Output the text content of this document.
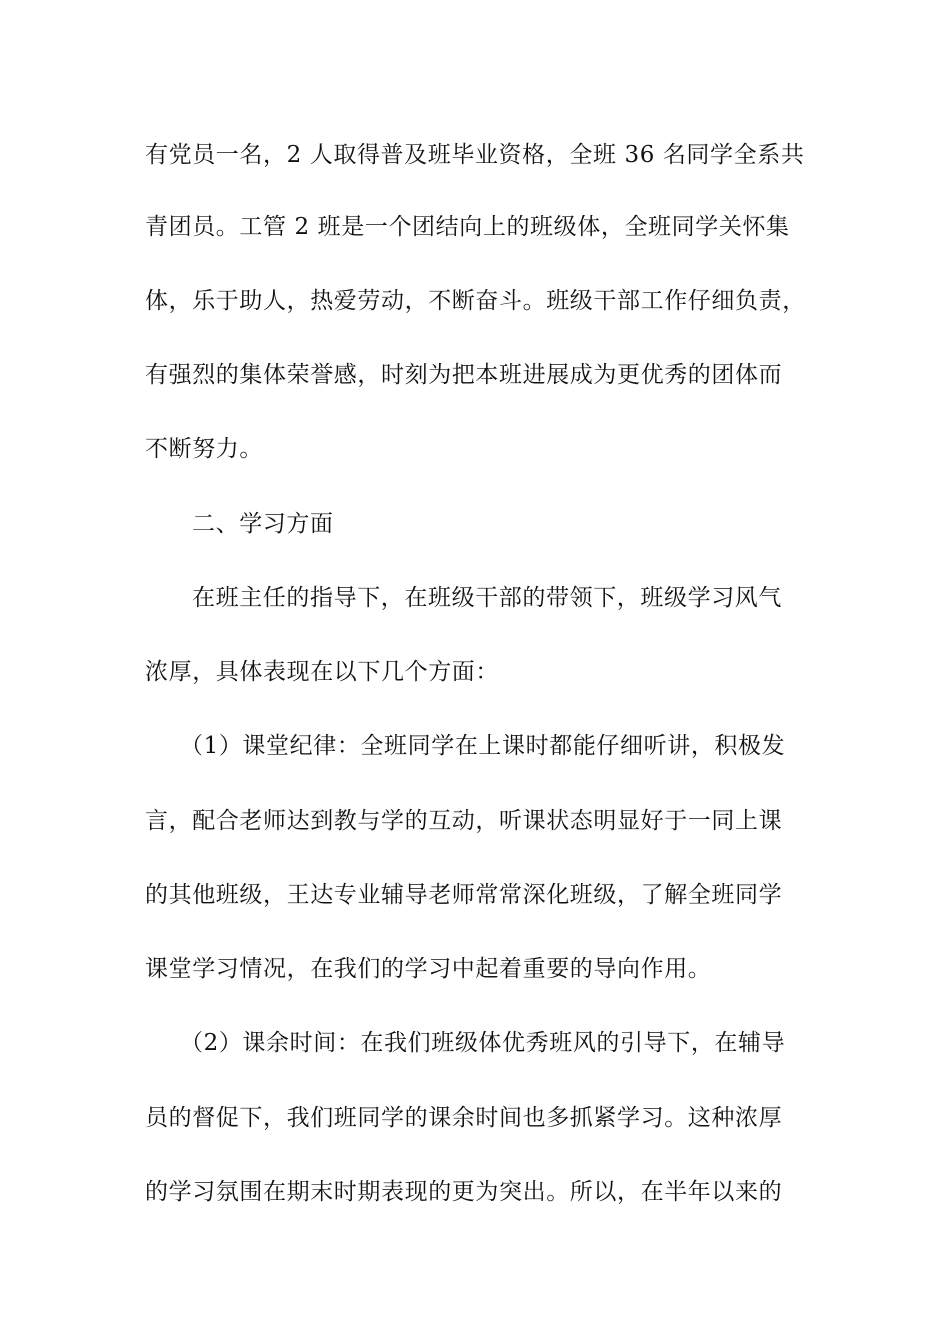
有党员一名，2 人取得普及班毕业资格，全班 36 名同学全系共
青团员。工管 2 班是一个团结向上的班级体，全班同学关怀集
体，乐于助人，热爱劳动，不断奋斗。班级干部工作仔细负责，
有强烈的集体荣誉感，时刻为把本班进展成为更优秀的团体而
不断努力。
二、学习方面
在班主任的指导下，在班级干部的带领下，班级学习风气
浓厚，具体表现在以下几个方面：
（1）课堂纪律：全班同学在上课时都能仔细听讲，积极发
言，配合老师达到教与学的互动，听课状态明显好于一同上课
的其他班级，王达专业辅导老师常常深化班级，了解全班同学
课堂学习情况，在我们的学习中起着重要的导向作用。
（2）课余时间：在我们班级体优秀班风的引导下，在辅导
员的督促下，我们班同学的课余时间也多抓紧学习。这种浓厚
的学习氛围在期末时期表现的更为突出。所以，在半年以来的
